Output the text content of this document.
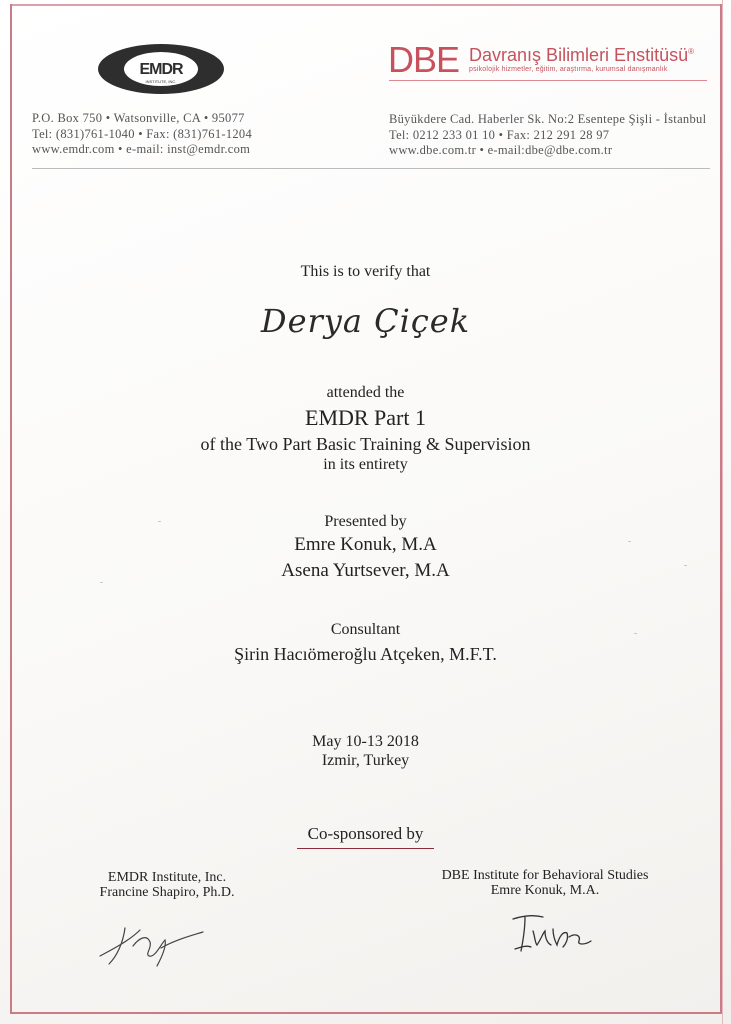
EMDR
INSTITUTE, INC.
P.O. Box 750 • Watsonville, CA • 95077
Tel: (831)761-1040 • Fax: (831)761-1204
www.emdr.com • e-mail: inst@emdr.com
DBE Davranış Bilimleri Enstitüsü®
psikolojik hizmetler, eğitim, araştırma, kurumsal danışmanlık
Büyükdere Cad. Haberler Sk. No:2 Esentepe Şişli - İstanbul
Tel: 0212 233 01 10 • Fax: 212 291 28 97
www.dbe.com.tr • e-mail:dbe@dbe.com.tr
This is to verify that
Derya Çiçek
attended the
EMDR Part 1
of the Two Part Basic Training & Supervision
in its entirety
Presented by
Emre Konuk, M.A
Asena Yurtsever, M.A
Consultant
Şirin Hacıömeroğlu Atçeken, M.F.T.
May 10-13 2018
Izmir, Turkey
Co-sponsored by
EMDR Institute, Inc.
Francine Shapiro, Ph.D.
DBE Institute for Behavioral Studies
Emre Konuk, M.A.
